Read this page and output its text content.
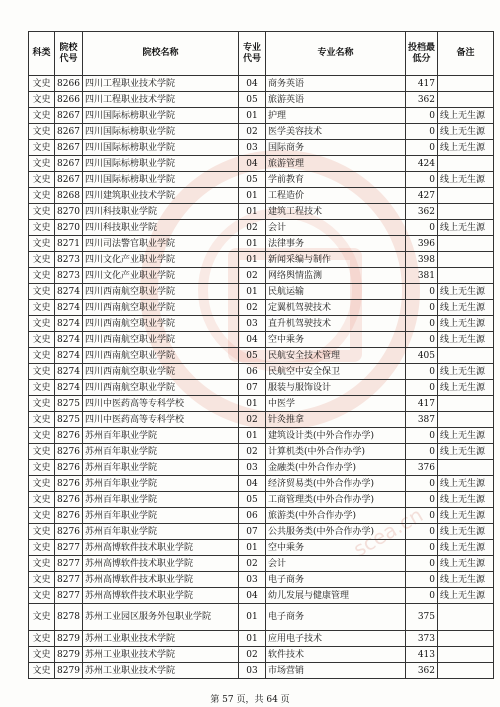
scea.cn
科类	院校代号	院校名称	专业代号	专业名称	投档最低分	备注
文史	8266	四川工程职业技术学院	04	商务英语	417	
文史	8266	四川工程职业技术学院	05	旅游英语	362	
文史	8267	四川国际标榜职业学院	01	护理	0	线上无生源
文史	8267	四川国际标榜职业学院	02	医学美容技术	0	线上无生源
文史	8267	四川国际标榜职业学院	03	国际商务	0	线上无生源
文史	8267	四川国际标榜职业学院	04	旅游管理	424	
文史	8267	四川国际标榜职业学院	05	学前教育	0	线上无生源
文史	8268	四川建筑职业技术学院	01	工程造价	427	
文史	8270	四川科技职业学院	01	建筑工程技术	362	
文史	8270	四川科技职业学院	02	会计	0	线上无生源
文史	8271	四川司法警官职业学院	01	法律事务	396	
文史	8273	四川文化产业职业学院	01	新闻采编与制作	398	
文史	8273	四川文化产业职业学院	02	网络舆情监测	381	
文史	8274	四川西南航空职业学院	01	民航运输	0	线上无生源
文史	8274	四川西南航空职业学院	02	定翼机驾驶技术	0	线上无生源
文史	8274	四川西南航空职业学院	03	直升机驾驶技术	0	线上无生源
文史	8274	四川西南航空职业学院	04	空中乘务	0	线上无生源
文史	8274	四川西南航空职业学院	05	民航安全技术管理	405	
文史	8274	四川西南航空职业学院	06	民航空中安全保卫	0	线上无生源
文史	8274	四川西南航空职业学院	07	服装与服饰设计	0	线上无生源
文史	8275	四川中医药高等专科学校	01	中医学	417	
文史	8275	四川中医药高等专科学校	02	针灸推拿	387	
文史	8276	苏州百年职业学院	01	建筑设计类(中外合作办学)	0	线上无生源
文史	8276	苏州百年职业学院	02	计算机类(中外合作办学)	0	线上无生源
文史	8276	苏州百年职业学院	03	金融类(中外合作办学)	376	
文史	8276	苏州百年职业学院	04	经济贸易类(中外合作办学)	0	线上无生源
文史	8276	苏州百年职业学院	05	工商管理类(中外合作办学)	0	线上无生源
文史	8276	苏州百年职业学院	06	旅游类(中外合作办学)	0	线上无生源
文史	8276	苏州百年职业学院	07	公共服务类(中外合作办学)	0	线上无生源
文史	8277	苏州高博软件技术职业学院	01	空中乘务	0	线上无生源
文史	8277	苏州高博软件技术职业学院	02	会计	0	线上无生源
文史	8277	苏州高博软件技术职业学院	03	电子商务	0	线上无生源
文史	8277	苏州高博软件技术职业学院	04	幼儿发展与健康管理	0	线上无生源
文史	8278	苏州工业园区服务外包职业学院	01	电子商务	375	
文史	8279	苏州工业职业技术学院	01	应用电子技术	373	
文史	8279	苏州工业职业技术学院	02	软件技术	413	
文史	8279	苏州工业职业技术学院	03	市场营销	362	
第 57 页，共 64 页
